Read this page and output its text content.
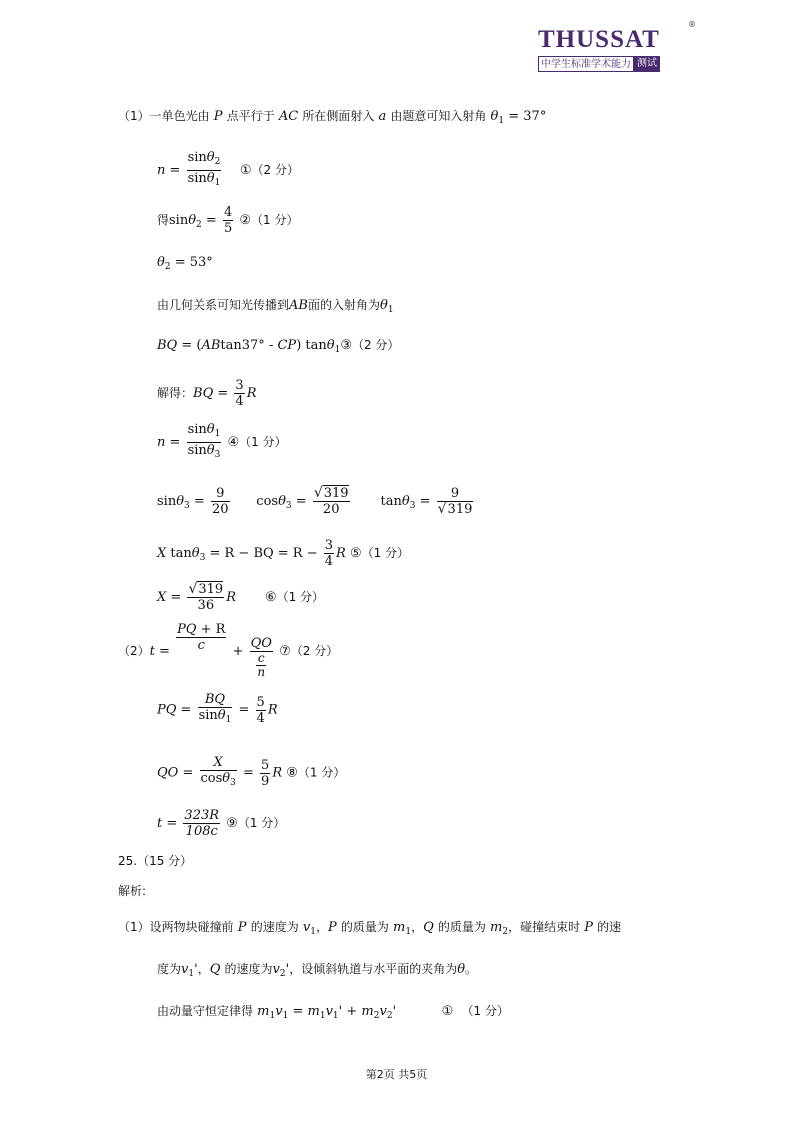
THUSSAT
®
中学生标准学术能力 测试
（1）一单色光由 P 点平行于 AC 所在侧面射入 a 由题意可知入射角 $\theta_1 = 37^\circ$
$n = \frac{\sin\theta_2}{\sin\theta_1}$ ①（2 分）
得$\sin\theta_2 = \frac{4}{5}$ ②（1 分）
$\theta_2 = 53^\circ$
由几何关系可知光传播到AB面的入射角为$\theta_1$
BQ = (ABtan37° - CP) tanθ$_1$③（2 分）
解得：BQ = $\frac{3}{4}$ R
$n = \frac{\sin\theta_1}{\sin\theta_3}$ ④（1 分）
$\sin\theta_3 = \frac{9}{20} \cos\theta_3 = \frac{√319}{20} \tan\theta_3 = \frac{9}{√319}$
X tanθ$_3$ = R − BQ = $R - \frac{3}{4}$ R ⑤（1 分）
$X = \frac{√319}{36}$ R ⑥（1 分）
$(2)t = \frac{PQ + R}{c} + \frac{QO}{\frac{c}{n}}$ ⑦（2 分）
PQ = $\frac{BQ}{\sin\theta_1} = \frac{5}{4}$ R
QO = $\frac{X}{\cos\theta_3} = \frac{5}{9}$ R ⑧（1 分）
$t = \frac{323R}{108c}$ ⑨（1 分）
25.（15 分）
解析:
（1）设两物块碰撞前 P 的速度为 $v_1$，P 的质量为 $m_1$，Q 的质量为 $m_2$，碰撞结束时 P 的速
度为$v_1'$，Q 的速度为$v_2'$，设倾斜轨道与水平面的夹角为θ。
由动量守恒定律得 $m_1v_1 = m_1v_1' + m_2v_2'$	① （1 分）
第2页 共5页
